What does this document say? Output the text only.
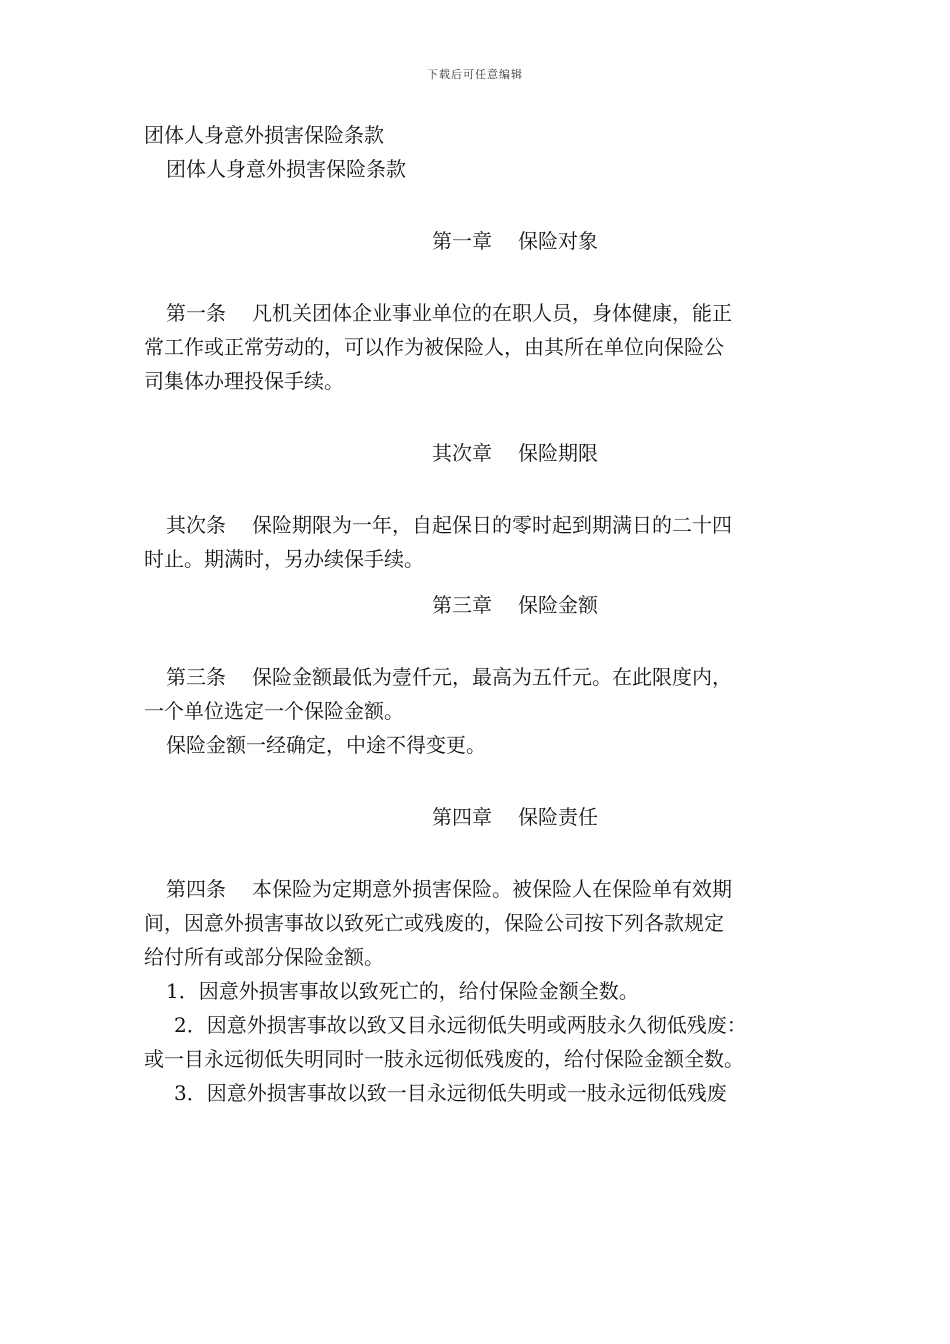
下载后可任意编辑
团体人身意外损害保险条款
团体人身意外损害保险条款
第一章 保险对象
第一条 凡机关团体企业事业单位的在职人员，身体健康，能正
常工作或正常劳动的，可以作为被保险人，由其所在单位向保险公
司集体办理投保手续。
其次章 保险期限
其次条 保险期限为一年，自起保日的零时起到期满日的二十四
时止。期满时，另办续保手续。
第三章 保险金额
第三条 保险金额最低为壹仟元，最高为五仟元。在此限度内，
一个单位选定一个保险金额。
保险金额一经确定，中途不得变更。
第四章 保险责任
第四条 本保险为定期意外损害保险。被保险人在保险单有效期
间，因意外损害事故以致死亡或残废的，保险公司按下列各款规定
给付所有或部分保险金额。
1．因意外损害事故以致死亡的，给付保险金额全数。
2．因意外损害事故以致又目永远彻低失明或两肢永久彻低残废：
或一目永远彻低失明同时一肢永远彻低残废的，给付保险金额全数。
3．因意外损害事故以致一目永远彻低失明或一肢永远彻低残废
